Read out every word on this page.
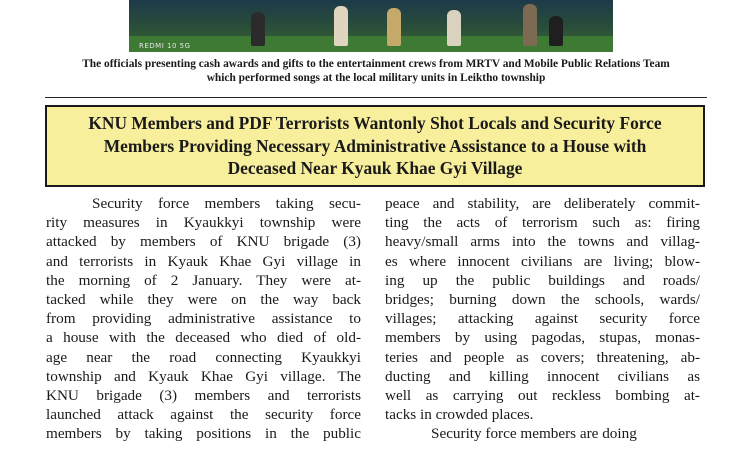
REDMI 10 5G
The officials presenting cash awards and gifts to the entertainment crews from MRTV and Mobile Public Relations Team
which performed songs at the local military units in Leiktho township
KNU Members and PDF Terrorists Wantonly Shot Locals and Security Force
Members Providing Necessary Administrative Assistance to a House with
Deceased Near Kyauk Khae Gyi Village
Security force members taking secu-
rity measures in Kyaukkyi township were
attacked by members of KNU brigade (3)
and terrorists in Kyauk Khae Gyi village in
the morning of 2 January. They were at-
tacked while they were on the way back
from providing administrative assistance to
a house with the deceased who died of old-
age near the road connecting Kyaukkyi
township and Kyauk Khae Gyi village. The
KNU brigade (3) members and terrorists
launched attack against the security force
members by taking positions in the public
peace and stability, are deliberately commit-
ting the acts of terrorism such as: firing
heavy/small arms into the towns and villag-
es where innocent civilians are living; blow-
ing up the public buildings and roads/
bridges; burning down the schools, wards/
villages; attacking against security force
members by using pagodas, stupas, monas-
teries and people as covers; threatening, ab-
ducting and killing innocent civilians as
well as carrying out reckless bombing at-
tacks in crowded places.
Security force members are doing
